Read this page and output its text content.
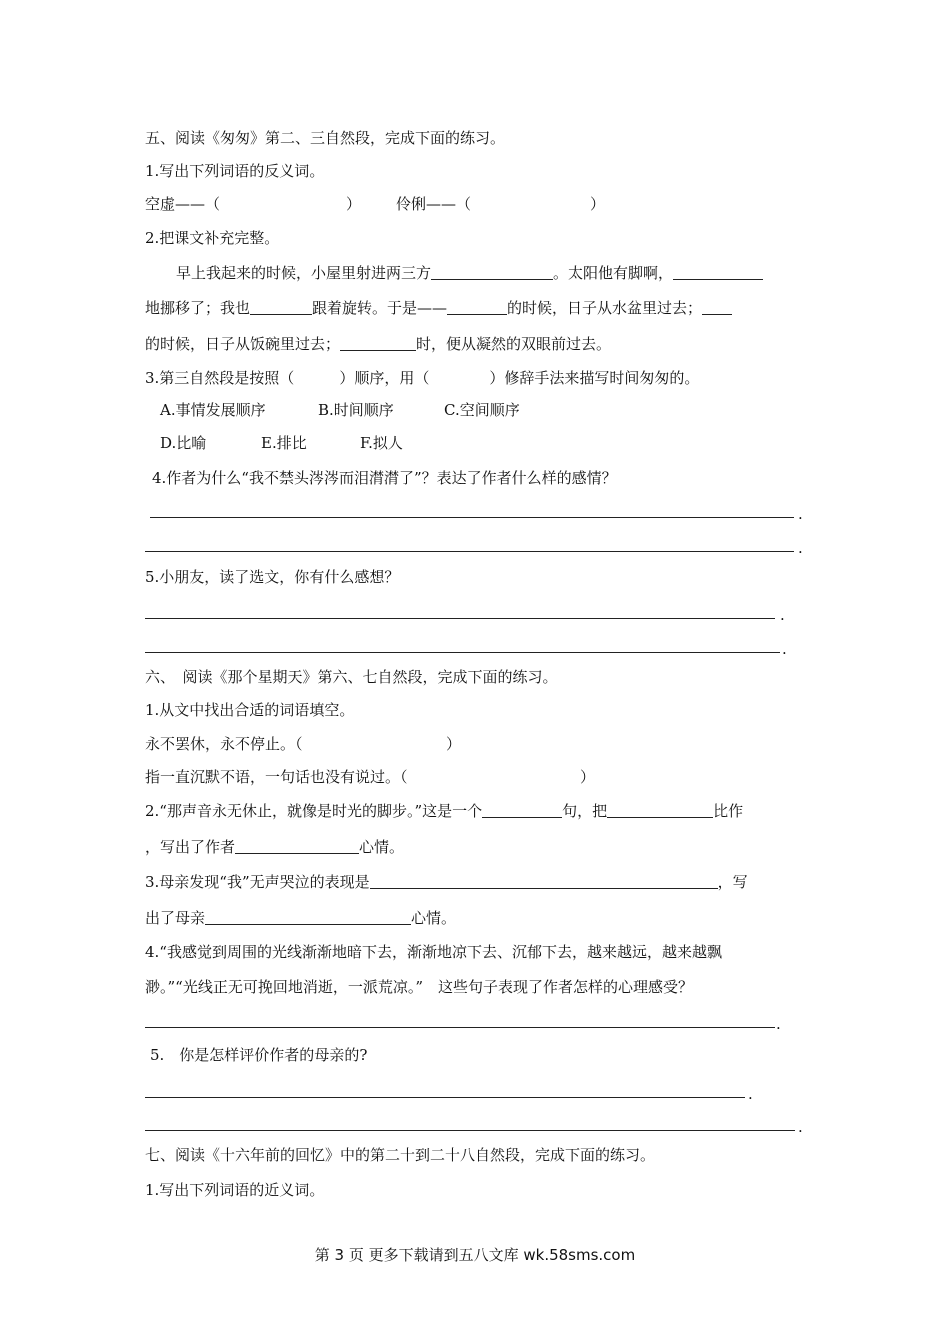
五、阅读《匆匆》第二、三自然段，完成下面的练习。
1.写出下列词语的反义词。
空虚——（	） 伶俐——（	）
2.把课文补充完整。
早上我起来的时候，小屋里射进两三方	。太阳他有脚啊，
地挪移了；我也	跟着旋转。于是——	的时候，日子从水盆里过去；
的时候，日子从饭碗里过去；	时，便从凝然的双眼前过去。
3.第三自然段是按照（　　　）顺序，用（　　　　）修辞手法来描写时间匆匆的。
A.事情发展顺序	B.时间顺序	C.空间顺序
D.比喻	E.排比	F.拟人
4.作者为什么“我不禁头涔涔而泪潸潸了”？表达了作者什么样的感情？
.
.
5.小朋友，读了选文，你有什么感想？
.
.
六、　阅读《那个星期天》第六、七自然段，完成下面的练习。
1.从文中找出合适的词语填空。
永不罢休，永不停止。（	）
指一直沉默不语，一句话也没有说过。（	）
2.“那声音永无休止，就像是时光的脚步。”这是一个	句，把	比作
，写出了作者	心情。
3.母亲发现“我”无声哭泣的表现是	，写
出了母亲	心情。
4.“我感觉到周围的光线渐渐地暗下去，渐渐地凉下去、沉郁下去，越来越远，越来越飘
渺。”“光线正无可挽回地消逝，一派荒凉。”　这些句子表现了作者怎样的心理感受？
.
5.　你是怎样评价作者的母亲的?
.
.
七、阅读《十六年前的回忆》中的第二十到二十八自然段，完成下面的练习。
1.写出下列词语的近义词。
第 3 页 更多下载请到五八文库 wk.58sms.com
